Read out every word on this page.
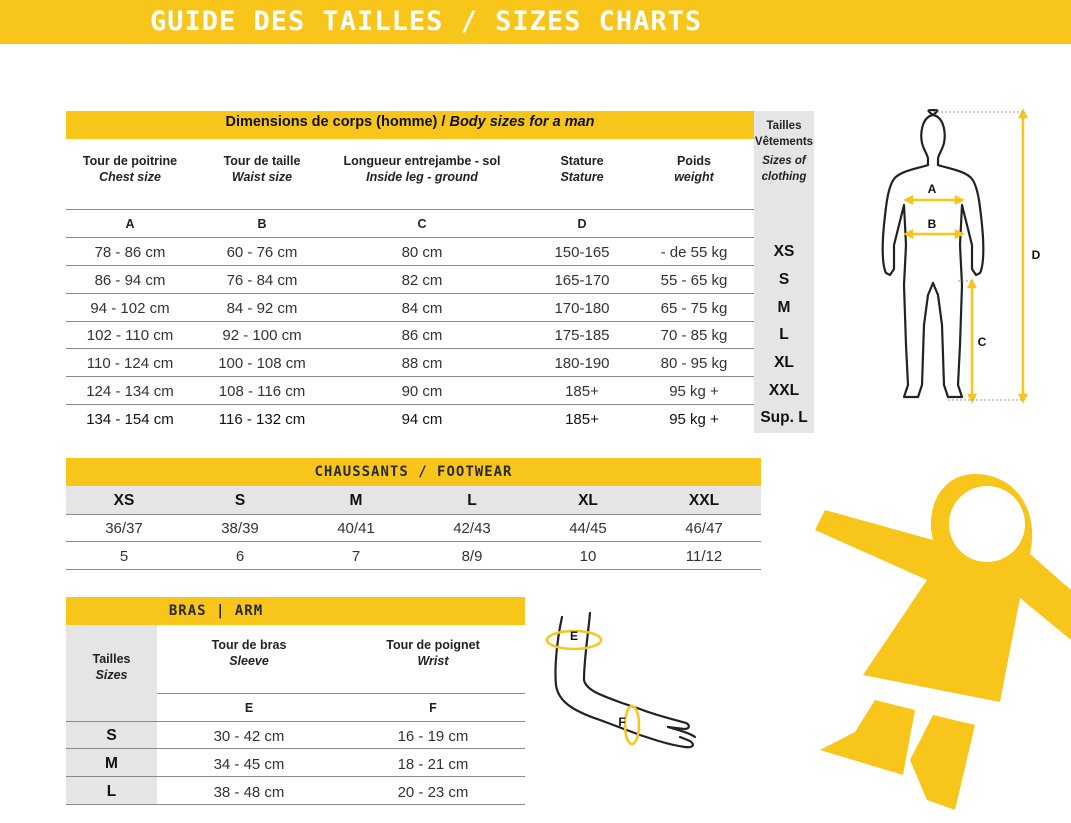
GUIDE DES TAILLES / SIZES CHARTS
Dimensions de corps (homme) / Body sizes for a man	Tailles
Vêtements
Sizes of
clothing
Tour de poitrine
Chest size
Tour de taille
Waist size
Longueur entrejambe - sol
Inside leg - ground
Stature
Stature
Poids
weight
A	B	C	D
78 - 86 cm	60 - 76 cm	80 cm	150-165	- de 55 kg	XS
86 - 94 cm	76 - 84 cm	82 cm	165-170	55 - 65 kg	S
94 - 102 cm	84 - 92 cm	84 cm	170-180	65 - 75 kg	M
102 - 110 cm	92 - 100 cm	86 cm	175-185	70 - 85 kg	L
110 - 124 cm	100 - 108 cm	88 cm	180-190	80 - 95 kg	XL
124 - 134 cm	108 - 116 cm	90 cm	185+	95 kg +	XXL
134 - 154 cm	116 - 132 cm	94 cm	185+	95 kg +	Sup. L
A
B
C
D
CHAUSSANTS / FOOTWEAR
XS	S	M	L	XL	XXL
36/37	38/39	40/41	42/43	44/45	46/47
5	6	7	8/9	10	11/12
BRAS | ARM
Tailles
Sizes
Tour de bras
Sleeve
Tour de poignet
Wrist
E	F
S	30 - 42 cm	16 - 19 cm
M	34 - 45 cm	18 - 21 cm
L	38 - 48 cm	20 - 23 cm
E
F
